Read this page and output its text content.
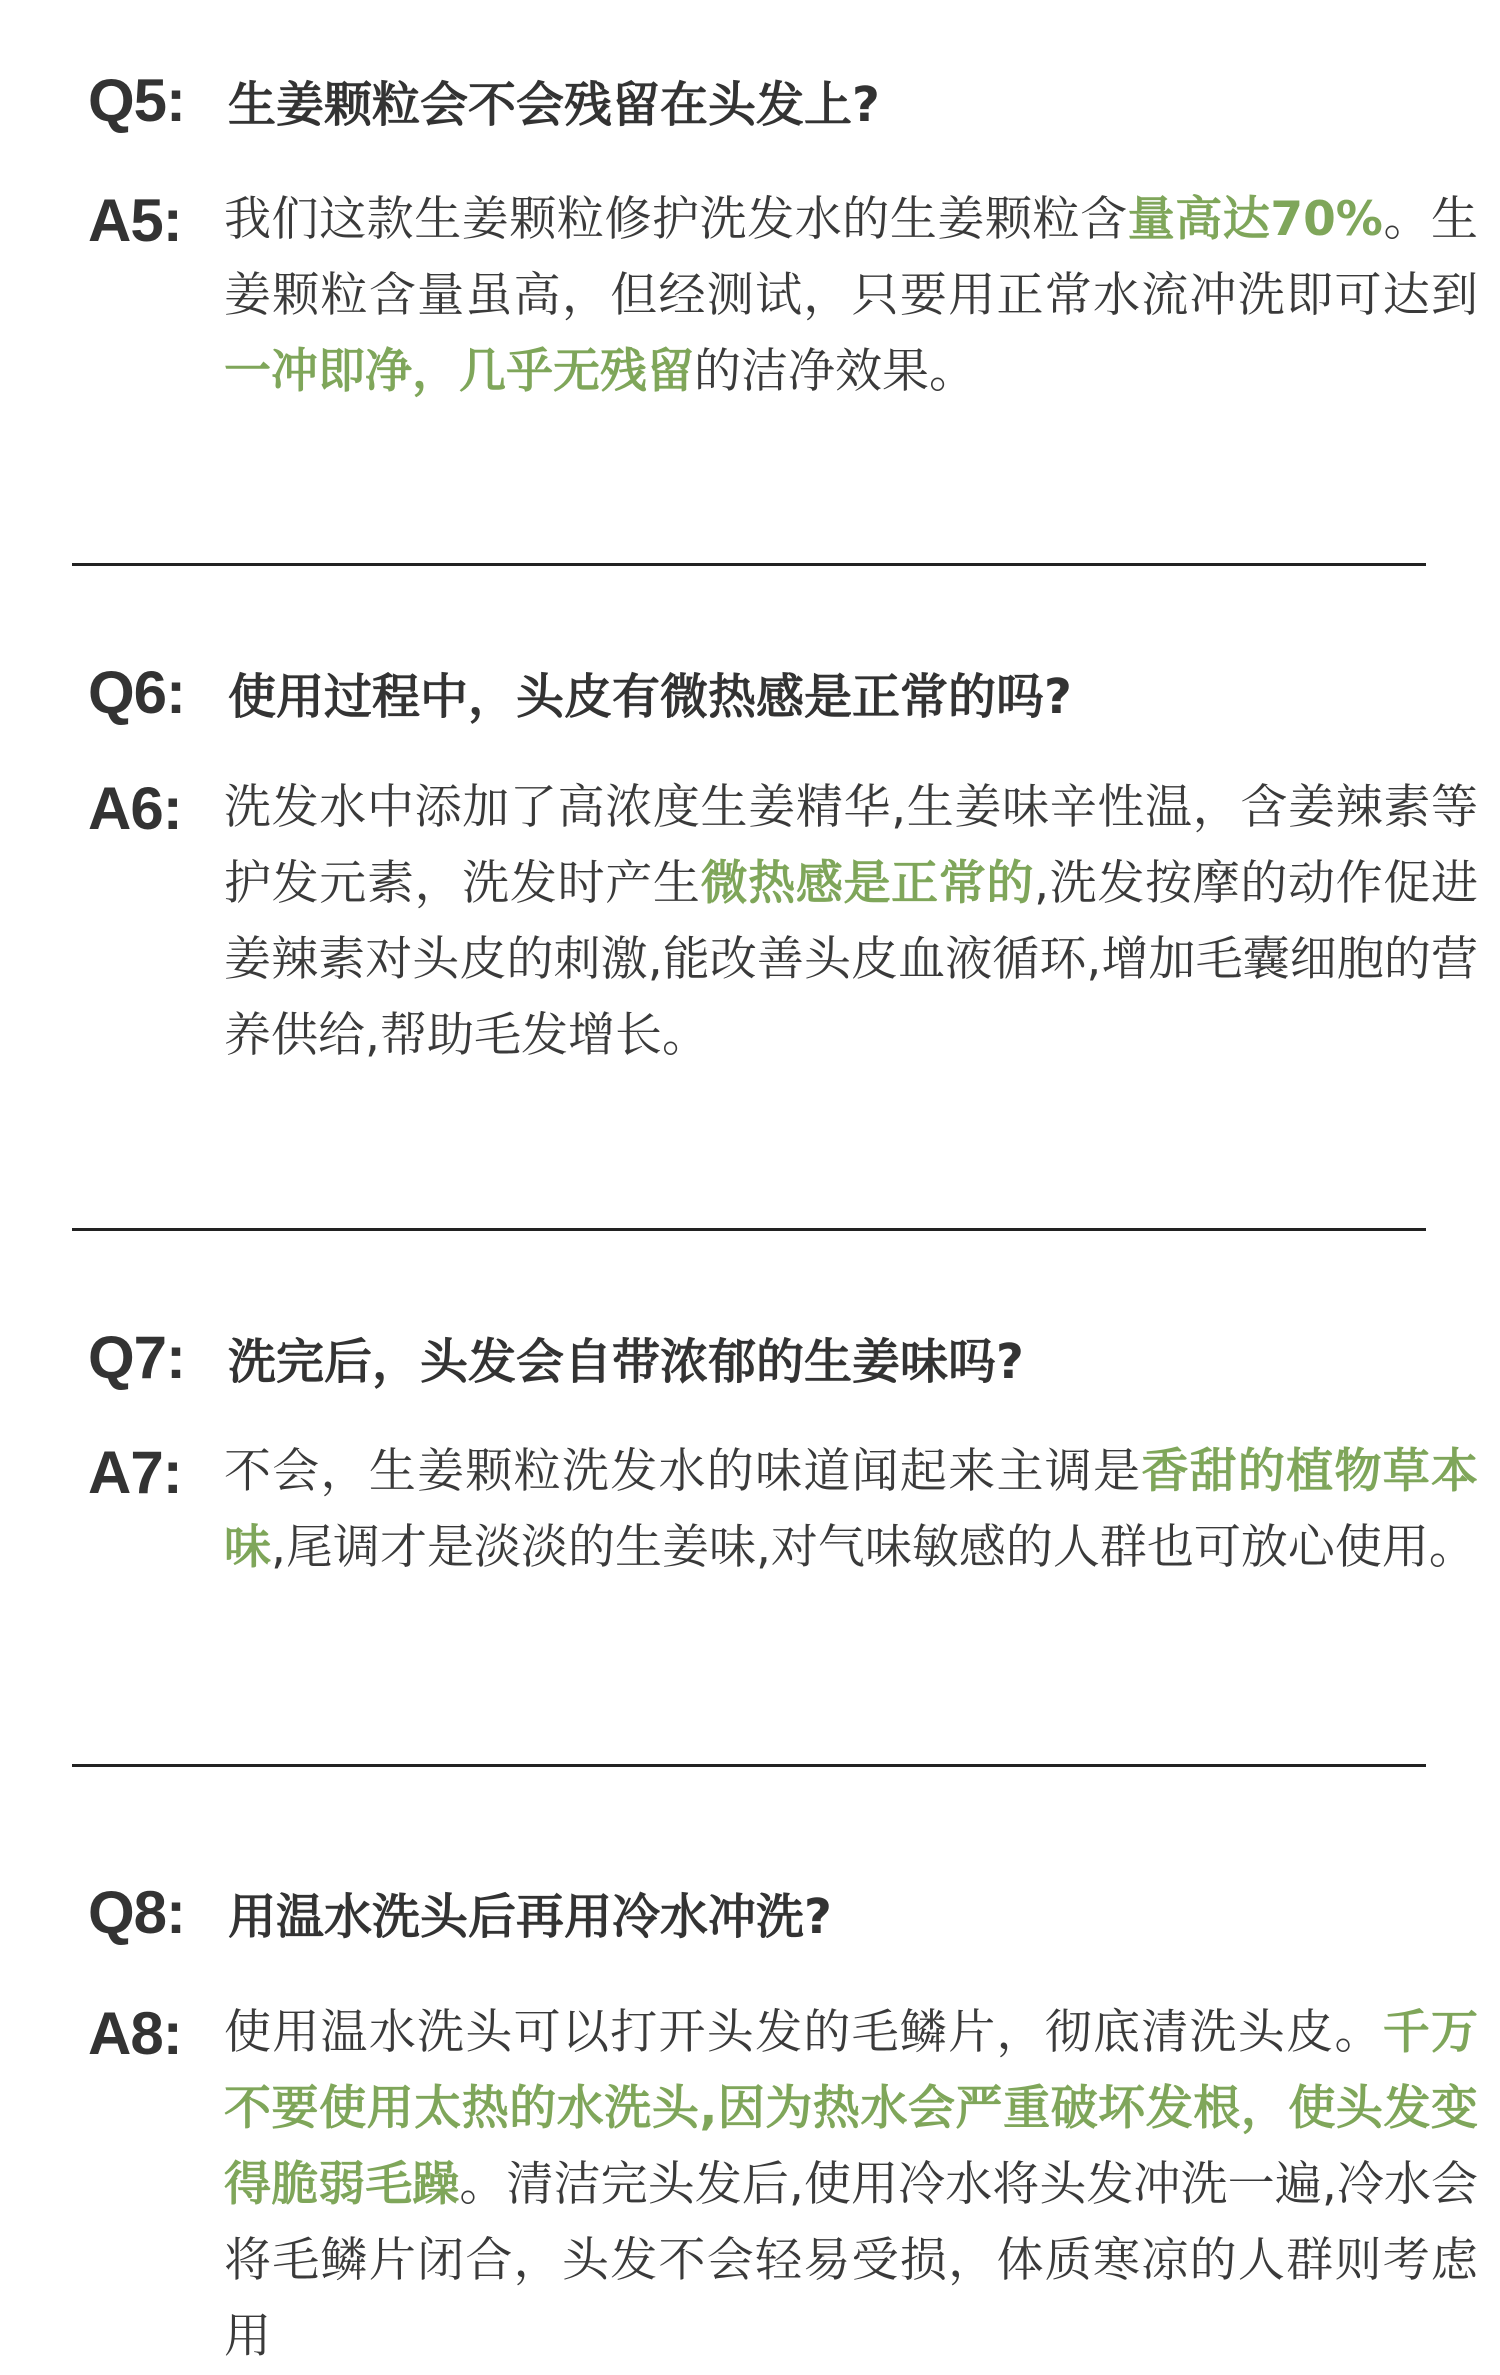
Q5: 生姜颗粒会不会残留在头发上?
A5: 我们这款生姜颗粒修护洗发水的生姜颗粒含量高达70%。生姜颗粒含量虽高，但经测试，只要用正常水流冲洗即可达到一冲即净，几乎无残留的洁净效果。
Q6: 使用过程中，头皮有微热感是正常的吗?
A6: 洗发水中添加了高浓度生姜精华,生姜味辛性温，含姜辣素等护发元素，洗发时产生微热感是正常的,洗发按摩的动作促进姜辣素对头皮的刺激,能改善头皮血液循环,增加毛囊细胞的营养供给,帮助毛发增长。
Q7: 洗完后，头发会自带浓郁的生姜味吗?
A7: 不会，生姜颗粒洗发水的味道闻起来主调是香甜的植物草本味,尾调才是淡淡的生姜味,对气味敏感的人群也可放心使用。
Q8: 用温水洗头后再用冷水冲洗?
A8: 使用温水洗头可以打开头发的毛鳞片，彻底清洗头皮。千万不要使用太热的水洗头,因为热水会严重破坏发根，使头发变得脆弱毛躁。清洁完头发后,使用冷水将头发冲洗一遍,冷水会将毛鳞片闭合，头发不会轻易受损，体质寒凉的人群则考虑用
